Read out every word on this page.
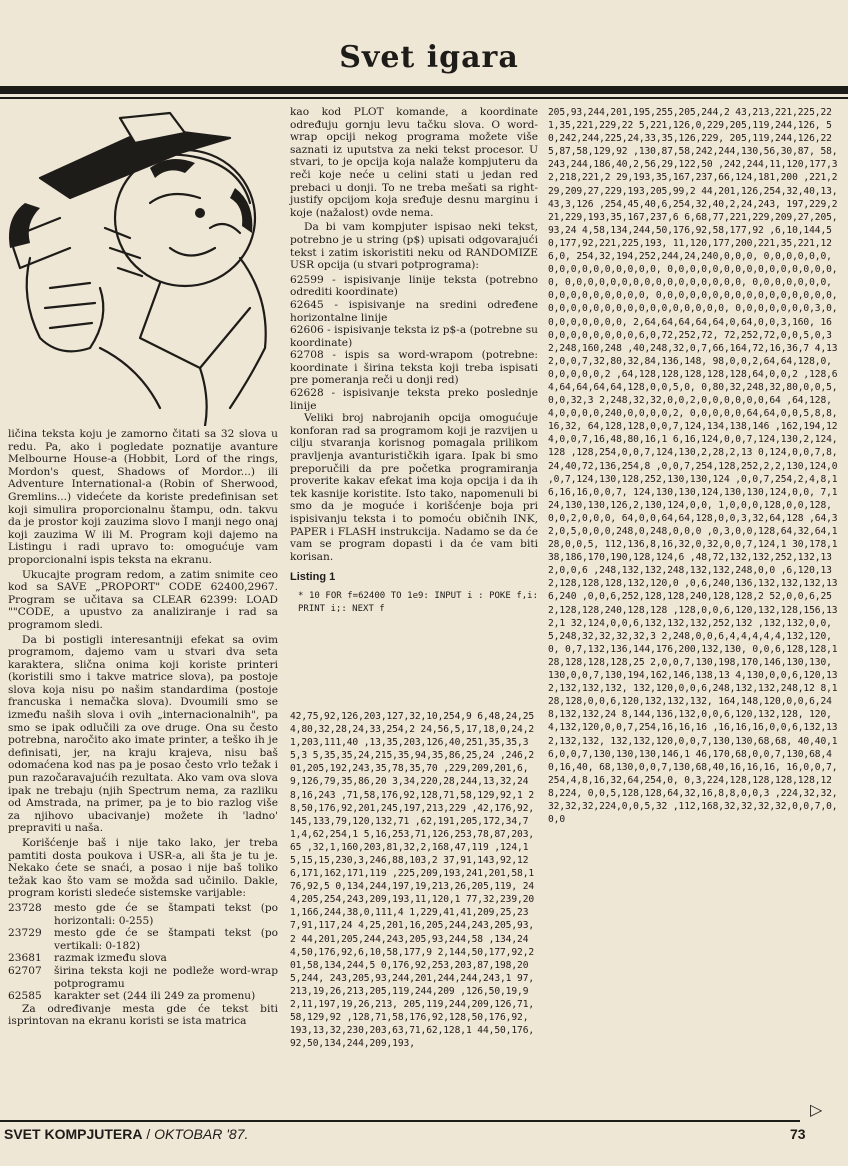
Svet igara

ličina teksta koju je zamorno čitati sa 32 slova u redu. Pa, ako i pogledate poznatije avanture Melbourne House-a (Hobbit, Lord of the rings, Mordon's quest, Shadows of Mordor...) ili Adventure International-a (Robin of Sherwood, Gremlins...) videćete da koriste predefinisan set koji simulira proporcionalnu štampu, odn. takvu da je prostor koji zauzima slovo I manji nego onaj koji zauzima W ili M. Program koji dajemo na Listingu i radi upravo to: omogućuje vam proporcionalni ispis teksta na ekranu.

Ukucajte program redom, a zatim snimite ceo kod sa SAVE „PROPORT" CODE 62400,2967. Program se učitava sa CLEAR 62399: LOAD ""CODE, a upustvo za analiziranje i rad sa programom sledi.

Da bi postigli interesantniji efekat sa ovim programom, dajemo vam u stvari dva seta karaktera, slična onima koji koriste printeri (koristili smo i takve matrice slova), pa postoje slova koja nisu po našim standardima (postoje francuska i nemačka slova). Dvoumili smo se između naših slova i ovih „internacionalnih", pa smo se ipak odlučili za ove druge. Ona su često potrebna, naročito ako imate printer, a teško ih je definisati, jer, na kraju krajeva, nisu baš odomaćena kod nas pa je posao često vrlo težak i pun razočaravajućih rezultata. Ako vam ova slova ipak ne trebaju (njih Spectrum nema, za razliku od Amstrada, na primer, pa je to bio razlog više za njihovo ubacivanje) možete ih 'ladno' prepraviti u naša.

Korišćenje baš i nije tako lako, jer treba pamtiti dosta poukova i USR-a, ali šta je tu je. Nekako ćete se snaći, a posao i nije baš toliko težak kao što vam se možda sad učinilo. Dakle, program koristi sledeće sistemske varijable:

23728	mesto gde će se štampati tekst (po horizontali: 0-255)
23729	mesto gde će se štampati tekst (po vertikali: 0-182)
23681	razmak između slova
62707	širina teksta koji ne podleže word-wrap potprogramu
62585	karakter set (244 ili 249 za promenu)

Za određivanje mesta gde će tekst biti isprintovan na ekranu koristi se ista matrica

kao kod PLOT komande, a koordinate određuju gornju levu tačku slova. O word-wrap opciji nekog programa možete više saznati iz uputstva za neki tekst procesor. U stvari, to je opcija koja nalaže kompjuteru da reči koje neće u celini stati u jedan red prebaci u donji. To ne treba mešati sa right-justify opcijom koja sređuje desnu marginu i koje (nažalost) ovde nema.

Da bi vam kompjuter ispisao neki tekst, potrebno je u string (p$) upisati odgovarajući tekst i zatim iskoristiti neku od RANDOMIZE USR opcija (u stvari potprograma):

62599 - ispisivanje linije teksta (potrebno odrediti koordinate)
62645 - ispisivanje na sredini određene horizontalne linije
62606 - ispisivanje teksta iz p$-a (potrebne su koordinate)
62708 - ispis sa word-wrapom (potrebne: koordinate i širina teksta koji treba ispisati pre pomeranja reči u donji red)
62628 - ispisivanje teksta preko poslednje linije

Veliki broj nabrojanih opcija omogućuje konforan rad sa programom koji je razvijen u cilju stvaranja korisnog pomagala prilikom pravljenja avanturističkih igara. Ipak bi smo preporučili da pre početka programiranja proverite kakav efekat ima koja opcija i da ih tek kasnije koristite. Isto tako, napomenuli bi smo da je moguće i korišćenje boja pri ispisivanju teksta i to pomoću običnih INK, PAPER i FLASH instrukcija. Nadamo se da će vam se program dopasti i da će vam biti korisan.

Listing 1
* 10 FOR f=62400 TO 1e9: INPUT i : POKE f,i: PRINT i;: NEXT f
42,75,92,126,203,127,32,10,254,9 6,48,24,254,80,32,28,24,33,254,2 24,56,5,17,18,0,24,21,203,111,40 ,13,35,203,126,40,251,35,35,35,3 5,35,35,24,215,35,94,35,86,25,24 ,246,201,205,192,243,35,78,35,70 ,229,209,201,6,9,126,79,35,86,20 3,34,220,28,244,13,32,248,16,243 ,71,58,176,92,128,71,58,129,92,1 28,50,176,92,201,245,197,213,229 ,42,176,92,145,133,79,120,132,71 ,62,191,205,172,34,71,4,62,254,1 5,16,253,71,126,253,78,87,203,65 ,32,1,160,203,81,32,2,168,47,119 ,124,15,15,15,230,3,246,88,103,2 37,91,143,92,126,171,162,171,119 ,225,209,193,241,201,58,176,92,5 0,134,244,197,19,213,26,205,119, 244,205,254,243,209,193,11,120,1 77,32,239,201,166,244,38,0,111,4 1,229,41,41,209,25,237,91,117,24 4,25,201,16,205,244,243,205,93,2 44,201,205,244,243,205,93,244,58 ,134,244,50,176,92,6,10,58,177,9 2,144,50,177,92,201,58,134,244,5 0,176,92,253,203,87,198,205,244, 243,205,93,244,201,244,244,243,1 97,213,19,26,213,205,119,244,209 ,126,50,19,92,11,197,19,26,213, 205,119,244,209,126,71,58,129,92 ,128,71,58,176,92,128,50,176,92, 193,13,32,230,203,63,71,62,128,1 44,50,176,92,50,134,244,209,193,
205,93,244,201,195,255,205,244,2 43,213,221,225,221,35,221,229,22 5,221,126,0,229,205,119,244,126, 50,242,244,225,24,33,35,126,229, 205,119,244,126,225,87,58,129,92 ,130,87,58,242,244,130,56,30,87, 58,243,244,186,40,2,56,29,122,50 ,242,244,11,120,177,32,218,221,2 29,193,35,167,237,66,124,181,200 ,221,229,209,27,229,193,205,99,2 44,201,126,254,32,40,13,43,3,126 ,254,45,40,6,254,32,40,2,24,243, 197,229,221,229,193,35,167,237,6 6,68,77,221,229,209,27,205,93,24 4,58,134,244,50,176,92,58,177,92 ,6,10,144,50,177,92,221,225,193, 11,120,177,200,221,35,221,126,0, 254,32,194,252,244,24,240,0,0,0, 0,0,0,0,0,0,0,0,0,0,0,0,0,0,0,0, 0,0,0,0,0,0,0,0,0,0,0,0,0,0,0,0, 0,0,0,0,0,0,0,0,0,0,0,0,0,0,0,0, 0,0,0,0,0,0,0,0,0,0,0,0,0,0,0,0, 0,0,0,0,0,0,0,0,0,0,0,0,0,0,0,0, 0,0,0,0,0,0,0,0,0,0,0,0,0,0,0,0, 0,0,0,0,0,0,0,3,0,0,0,0,0,0,0,0, 2,64,64,64,64,64,0,64,0,0,3,160, 160,0,0,0,0,0,0,0,6,0,72,252,72, 72,252,72,0,0,5,0,32,248,160,248 ,40,248,32,0,7,66,164,72,16,36,7 4,132,0,0,7,32,80,32,84,136,148, 98,0,0,2,64,64,128,0,0,0,0,0,0,2 ,64,128,128,128,128,128,64,0,0,2 ,128,64,64,64,64,64,128,0,0,5,0, 0,80,32,248,32,80,0,0,5,0,0,32,3 2,248,32,32,0,0,2,0,0,0,0,0,0,64 ,64,128,4,0,0,0,0,240,0,0,0,0,2, 0,0,0,0,0,64,64,0,0,5,8,8,16,32, 64,128,128,0,0,7,124,134,138,146 ,162,194,124,0,0,7,16,48,80,16,1 6,16,124,0,0,7,124,130,2,124,128 ,128,254,0,0,7,124,130,2,28,2,13 0,124,0,0,7,8,24,40,72,136,254,8 ,0,0,7,254,128,252,2,2,130,124,0 ,0,7,124,130,128,252,130,130,124 ,0,0,7,254,2,4,8,16,16,16,0,0,7, 124,130,130,124,130,130,124,0,0, 7,124,130,130,126,2,130,124,0,0, 1,0,0,0,128,0,0,128,0,0,2,0,0,0, 64,0,0,64,64,128,0,0,3,32,64,128 ,64,32,0,5,0,0,0,248,0,248,0,0,0 ,0,3,0,0,128,64,32,64,128,0,0,5, 112,136,8,16,32,0,32,0,0,7,124,1 30,178,138,186,170,190,128,124,6 ,48,72,132,132,252,132,132,0,0,6 ,248,132,132,248,132,132,248,0,0 ,6,120,132,128,128,128,132,120,0 ,0,6,240,136,132,132,132,136,240 ,0,0,6,252,128,128,240,128,128,2 52,0,0,6,252,128,128,240,128,128 ,128,0,0,6,120,132,128,156,132,1 32,124,0,0,6,132,132,132,252,132 ,132,132,0,0,5,248,32,32,32,32,3 2,248,0,0,6,4,4,4,4,4,132,120,0, 0,7,132,136,144,176,200,132,130, 0,0,6,128,128,128,128,128,128,25 2,0,0,7,130,198,170,146,130,130, 130,0,0,7,130,194,162,146,138,13 4,130,0,0,6,120,132,132,132,132, 132,120,0,0,6,248,132,132,248,12 8,128,128,0,0,6,120,132,132,132, 164,148,120,0,0,6,248,132,132,24 8,144,136,132,0,0,6,120,132,128, 120,4,132,120,0,0,7,254,16,16,16 ,16,16,16,0,0,6,132,132,132,132, 132,132,120,0,0,7,130,130,68,68, 40,40,16,0,0,7,130,130,130,146,1 46,170,68,0,0,7,130,68,40,16,40, 68,130,0,0,7,130,68,40,16,16,16, 16,0,0,7,254,4,8,16,32,64,254,0, 0,3,224,128,128,128,128,128,224, 0,0,5,128,128,64,32,16,8,8,0,0,3 ,224,32,32,32,32,32,224,0,0,5,32 ,112,168,32,32,32,32,0,0,7,0,0,0
SVET KOMPJUTERA / OKTOBAR '87.
▷
73
